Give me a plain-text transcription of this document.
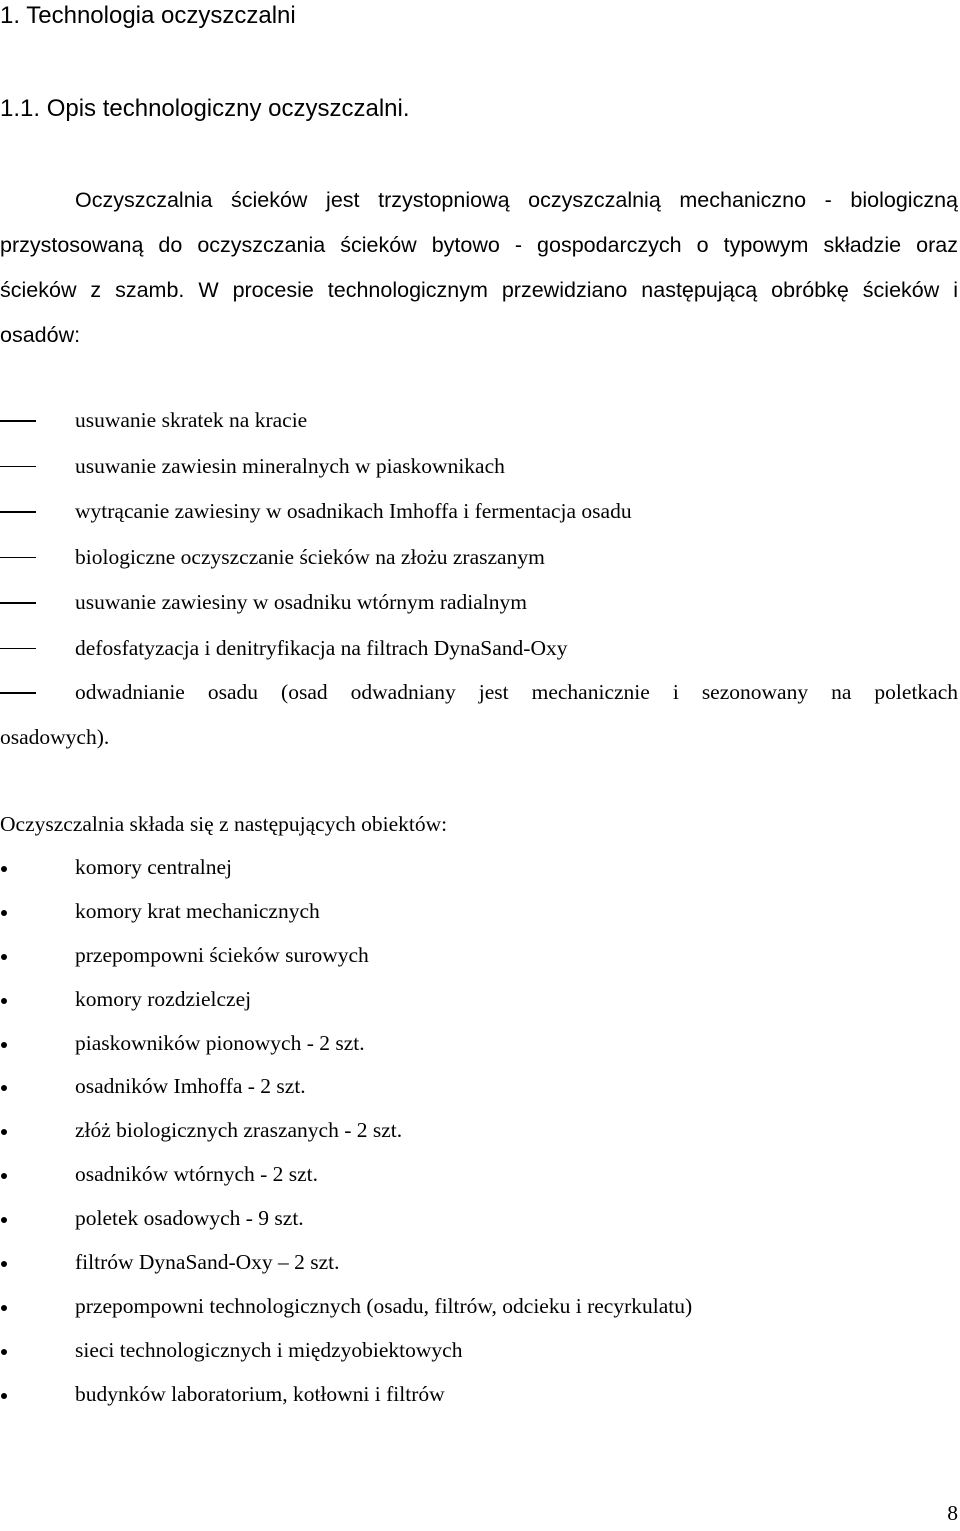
1. Technologia oczyszczalni
1.1. Opis technologiczny oczyszczalni.

Oczyszczalnia ścieków jest trzystopniową oczyszczalnią mechaniczno - biologiczną
przystosowaną do oczyszczania ścieków bytowo - gospodarczych o typowym składzie oraz
ścieków z szamb. W procesie technologicznym przewidziano następującą obróbkę ścieków i
osadów:

usuwanie skratek na kracie
usuwanie zawiesin mineralnych w piaskownikach
wytrącanie zawiesiny w osadnikach Imhoffa i fermentacja osadu
biologiczne oczyszczanie ścieków na złożu zraszanym
usuwanie zawiesiny w osadniku wtórnym radialnym
defosfatyzacja i denitryfikacja na filtrach DynaSand-Oxy
odwadnianie osadu (osad odwadniany jest mechanicznie i sezonowany na poletkach
osadowych).
Oczyszczalnia składa się z następujących obiektów:
komory centralnej
komory krat mechanicznych
przepompowni ścieków surowych
komory rozdzielczej
piaskowników pionowych - 2 szt.
osadników Imhoffa - 2 szt.
złóż biologicznych zraszanych - 2 szt.
osadników wtórnych - 2 szt.
poletek osadowych - 9 szt.
filtrów DynaSand-Oxy – 2 szt.
przepompowni technologicznych (osadu, filtrów, odcieku i recyrkulatu)
sieci technologicznych i międzyobiektowych
budynków laboratorium, kotłowni i filtrów
8
